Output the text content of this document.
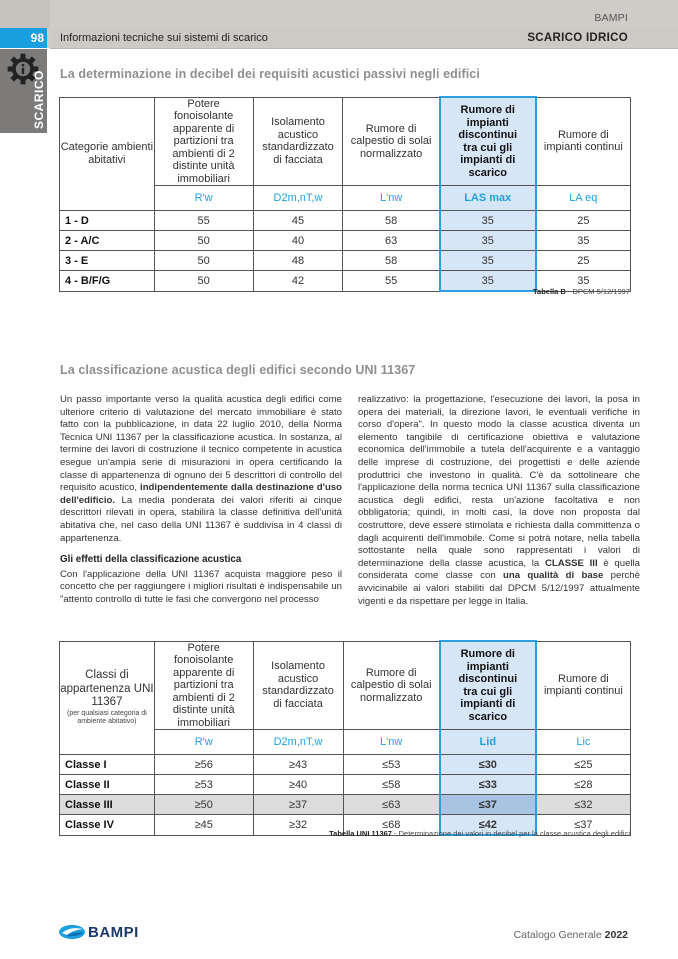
BAMPI
98 Informazioni tecniche sui sistemi di scarico	SCARICO IDRICO
SCARICO La determinazione in decibel dei requisiti acustici passivi negli edifici
Categorie ambienti abitativi	Potere fonoisolante apparente di partizioni tra ambienti di 2 distinte unità immobiliari	Isolamento acustico standardizzato di facciata	Rumore di calpestio di solai normalizzato	Rumore di impianti discontinui tra cui gli impianti di scarico	Rumore di impianti continui
	R'w	D2m,nT,w	L'nw	LAS max	LA eq
1 - D	55	45	58	35	25
2 - A/C	50	40	63	35	35
3 - E	50	48	58	35	25
4 - B/F/G	50	42	55	35	35
Tabella B - DPCM 5/12/1997
La classificazione acustica degli edifici secondo UNI 11367

Un passo importante verso la qualità acustica degli edifici come ulteriore criterio di valutazione del mercato immobiliare è stato fatto con la pubblicazione, in data 22 luglio 2010, della Norma Tecnica UNI 11367 per la classificazione acustica. In sostanza, al termine dei lavori di costruzione il tecnico competente in acustica esegue un'ampia serie di misurazioni in opera certificando la classe di appartenenza di ognuno dei 5 descrittori di controllo del requisito acustico, indipendentemente dalla destinazione d'uso dell'edificio. La media ponderata dei valori riferiti ai cinque descrittori rilevati in opera, stabilirà la classe definitiva dell'unità abitativa che, nel caso della UNI 11367 è suddivisa in 4 classi di appartenenza.

Gli effetti della classificazione acustica

Con l'applicazione della UNI 11367 acquista maggiore peso il concetto che per raggiungere i migliori risultati è indispensabile un "attento controllo di tutte le fasi che convergono nel processo

realizzativo: la progettazione, l'esecuzione dei lavori, la posa in opera dei materiali, la direzione lavori, le eventuali verifiche in corso d'opera". In questo modo la classe acustica diventa un elemento tangibile di certificazione obiettiva e valutazione economica dell'immobile a tutela dell'acquirente e a vantaggio delle imprese di costruzione, dei progettisti e delle aziende produttrici che investono in qualità. C'è da sottolineare che l'applicazione della norma tecnica UNI 11367 sulla classificazione acustica degli edifici, resta un'azione facoltativa e non obbligatoria; quindi, in molti casi, la dove non proposta dal costruttore, deve essere stimolata e richiesta dalla committenza o dagli acquirenti dell'immobile. Come si potrà notare, nella tabella sottostante nella quale sono rappresentati i valori di determinazione della classe acustica, la CLASSE III è quella considerata come classe con una qualità di base perchè avvicinabile ai valori stabiliti dal DPCM 5/12/1997 attualmente vigenti e da rispettare per legge in Italia.

Classi di appartenenza UNI 11367
(per qualsiasi categoria di ambiente abitativo)	Potere fonoisolante apparente di partizioni tra ambienti di 2 distinte unità immobiliari	Isolamento acustico standardizzato di facciata	Rumore di calpestio di solai normalizzato	Rumore di impianti discontinui tra cui gli impianti di scarico	Rumore di impianti continui
	R'w	D2m,nT,w	L'nw	Lid	Lic
Classe I	≥56	≥43	≤53	≤30	≤25
Classe II	≥53	≥40	≤58	≤33	≤28
Classe III	≥50	≥37	≤63	≤37	≤32
Classe IV	≥45	≥32	≤68	≤42	≤37
Tabella UNI 11367 - Determinazione dei valori in decibel per la classe acustica degli edifici
BAMPI	Catalogo Generale 2022
